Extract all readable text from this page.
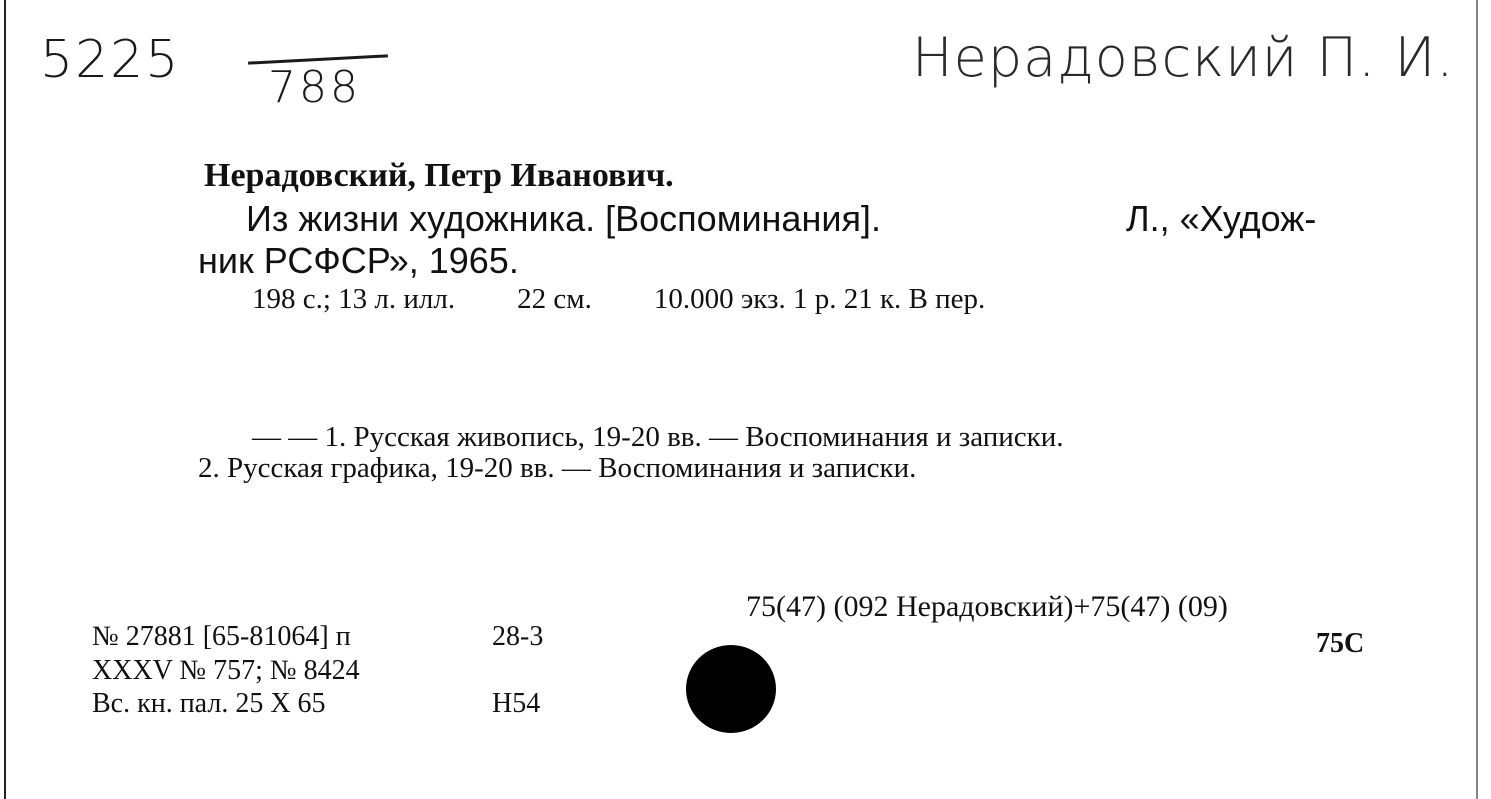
5225 788	Нерадовский П. И.
Нерадовский, Петр Иванович.
Из жизни художника. [Воспоминания].	Л., «Худож-
ник РСФСР», 1965.
198 с.; 13 л. илл. 22 см. 10.000 экз. 1 р. 21 к. В пер.
— — 1. Русская живопись, 19-20 вв. — Воспоминания и записки.
2. Русская графика, 19-20 вв. — Воспоминания и записки.
75(47) (092 Нерадовский)+75(47) (09)
75С
№ 27881 [65-81064] п	28-3
XXXV № 757; № 8424
Вс. кн. пал. 25 X 65	Н54
